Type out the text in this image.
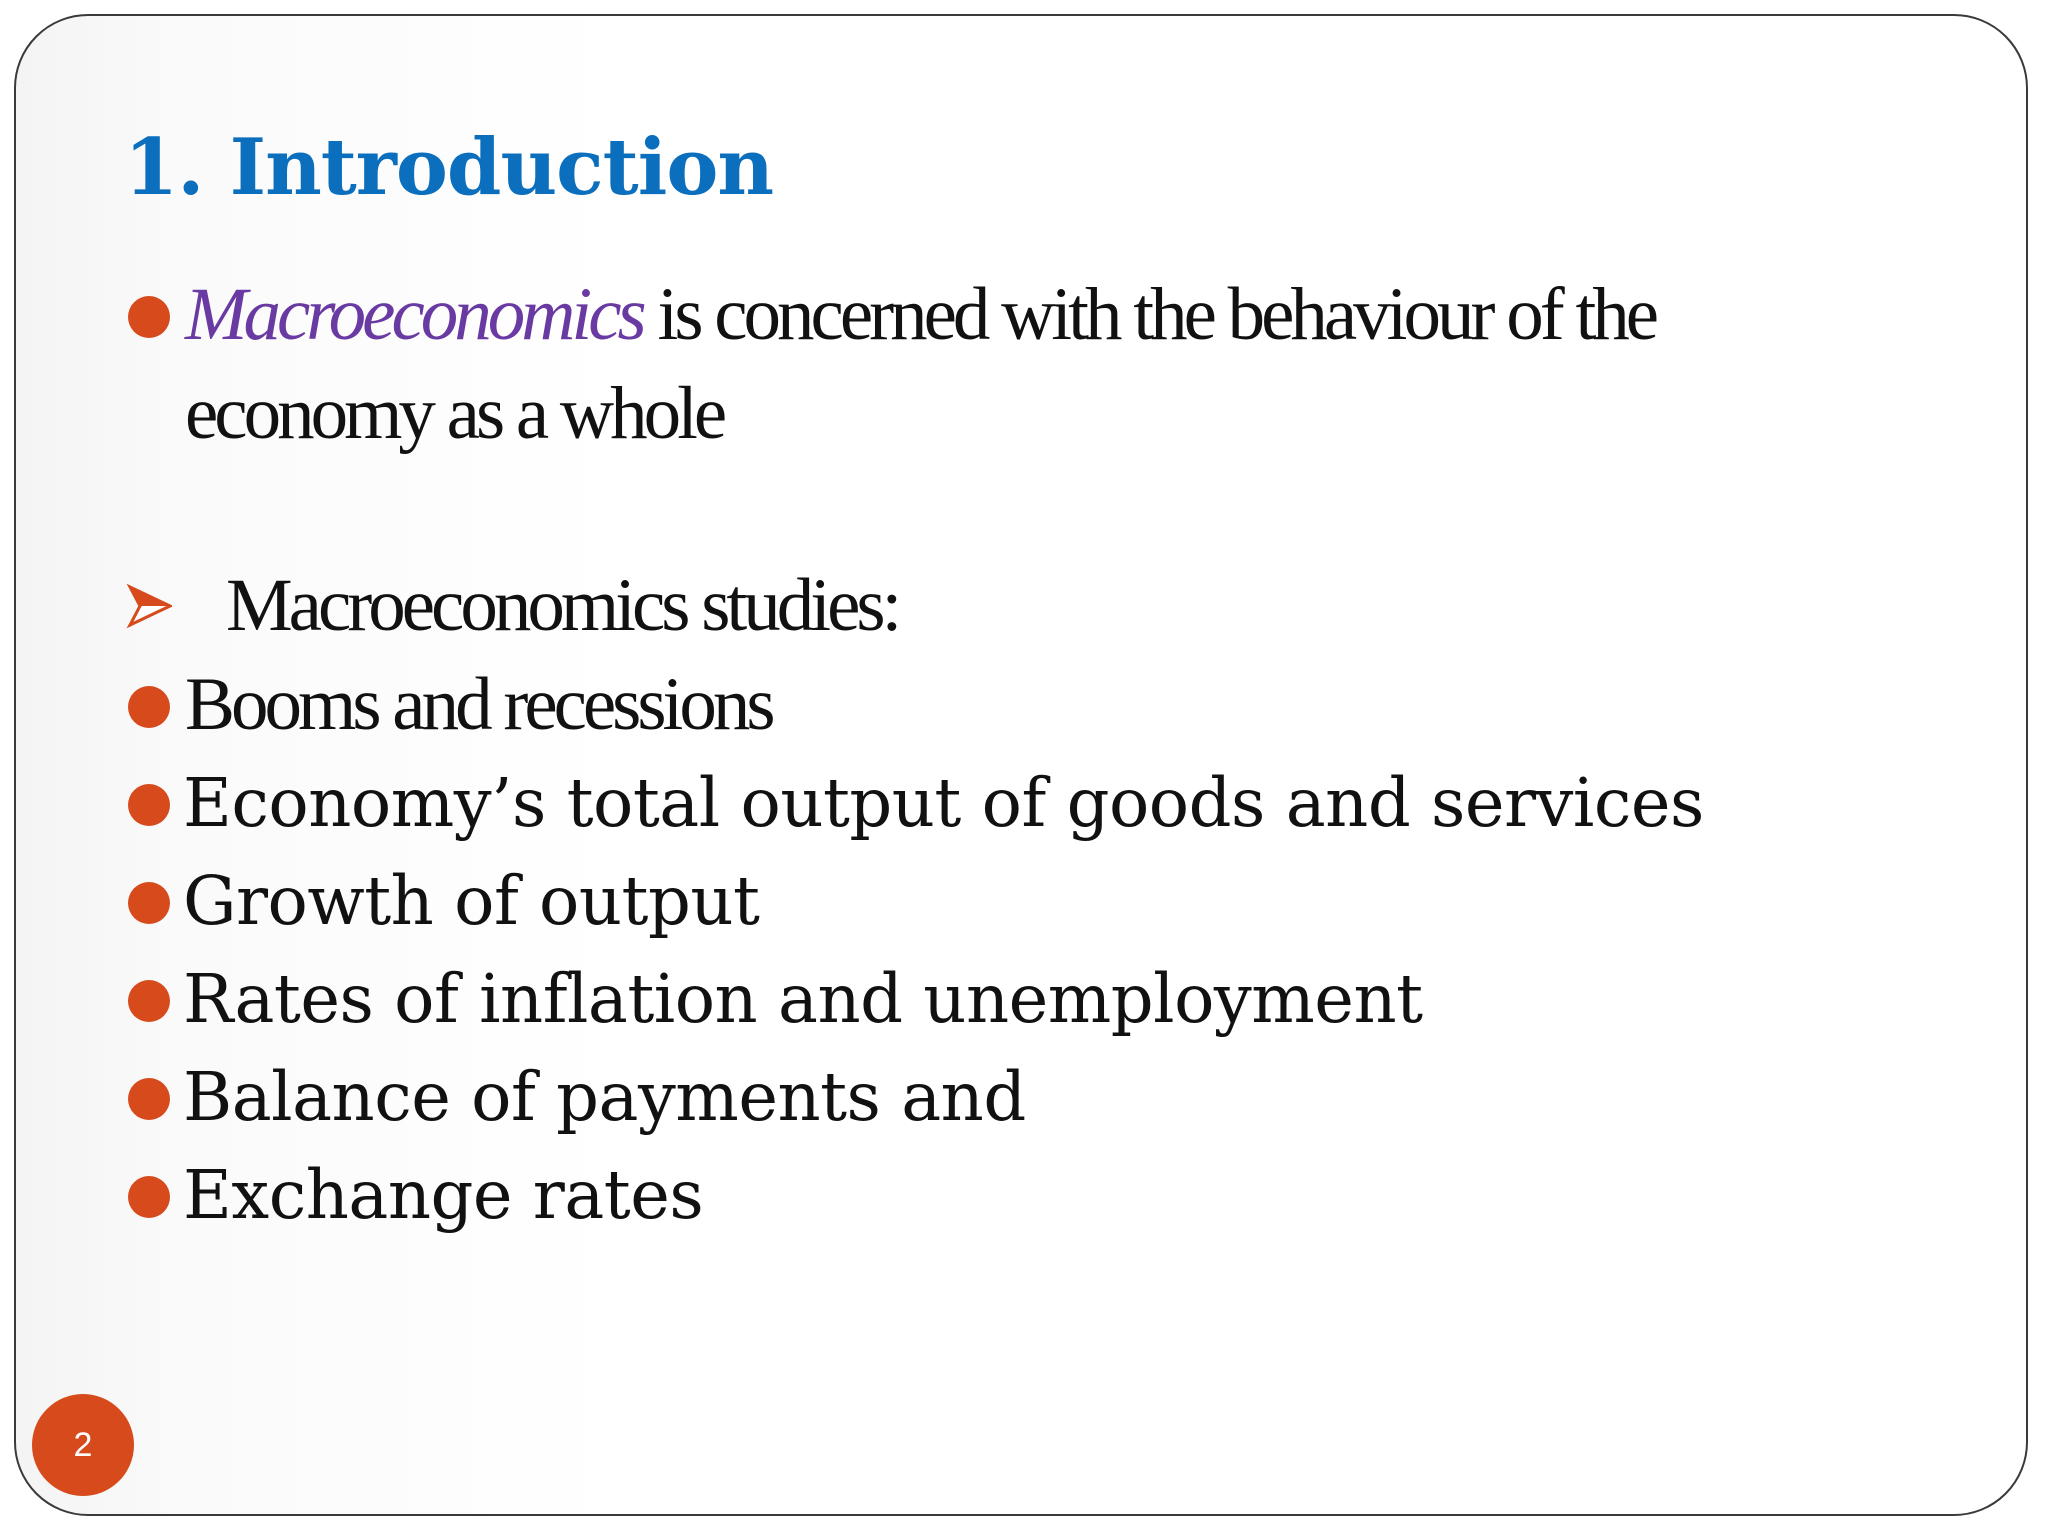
1. Introduction
Macroeconomics is concerned with the behaviour of the
economy as a whole
Macroeconomics studies:
Booms and recessions
Economy’s total output of goods and services
Growth of output
Rates of inflation and unemployment
Balance of payments and
Exchange rates
2
